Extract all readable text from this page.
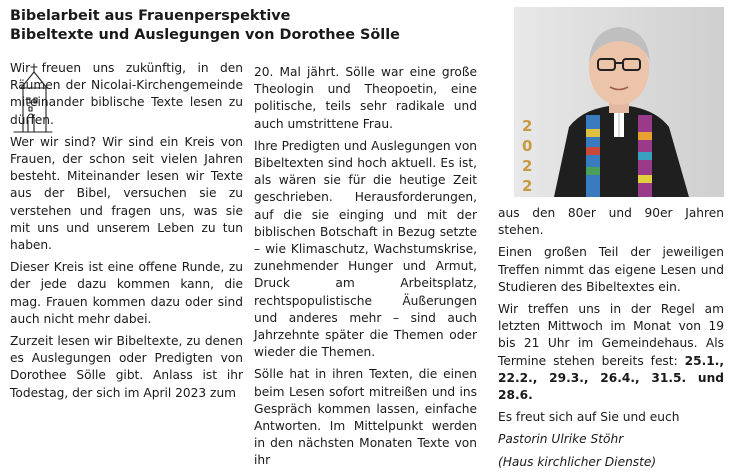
Bibelarbeit aus Frauenperspektive
Bibeltexte und Auslegungen von Dorothee Sölle

Wir freuen uns zukünftig, in den Räumen der Nicolai-Kirchengemeinde miteinander biblische Texte lesen zu dürfen.

Wer wir sind? Wir sind ein Kreis von Frauen, der schon seit vielen Jahren besteht. Miteinander lesen wir Texte aus der Bibel, versuchen sie zu verstehen und fragen uns, was sie mit uns und unserem Leben zu tun haben.

Dieser Kreis ist eine offene Runde, zu der jede dazu kommen kann, die mag. Frauen kommen dazu oder sind auch nicht mehr dabei.

Zurzeit lesen wir Bibeltexte, zu denen es Auslegungen oder Predigten von Dorothee Sölle gibt. Anlass ist ihr Todestag, der sich im April 2023 zum

20. Mal jährt. Sölle war eine große Theologin und Theopoetin, eine politische, teils sehr radikale und auch umstrittene Frau.

Ihre Predigten und Auslegungen von Bibeltexten sind hoch aktuell. Es ist, als wären sie für die heutige Zeit geschrieben. Herausforderungen, auf die sie einging und mit der biblischen Botschaft in Bezug setzte – wie Klimaschutz, Wachstumskrise, zunehmender Hunger und Armut, Druck am Arbeitsplatz, rechtspopulistische Äußerungen und anderes mehr – sind auch Jahrzehnte später die Themen oder wieder die Themen.

Sölle hat in ihren Texten, die einen beim Lesen sofort mitreißen und ins Gespräch kommen lassen, einfache Antworten. Im Mittelpunkt werden in den nächsten Monaten Texte von ihr

2
0
2
2

aus den 80er und 90er Jahren stehen.

Einen großen Teil der jeweiligen Treffen nimmt das eigene Lesen und Studieren des Bibeltextes ein.

Wir treffen uns in der Regel am letzten Mittwoch im Monat von 19 bis 21 Uhr im Gemeindehaus. Als Termine stehen bereits fest: 25.1., 22.2., 29.3., 26.4., 31.5. und 28.6.

Es freut sich auf Sie und euch

Pastorin Ulrike Stöhr

(Haus kirchlicher Dienste)
